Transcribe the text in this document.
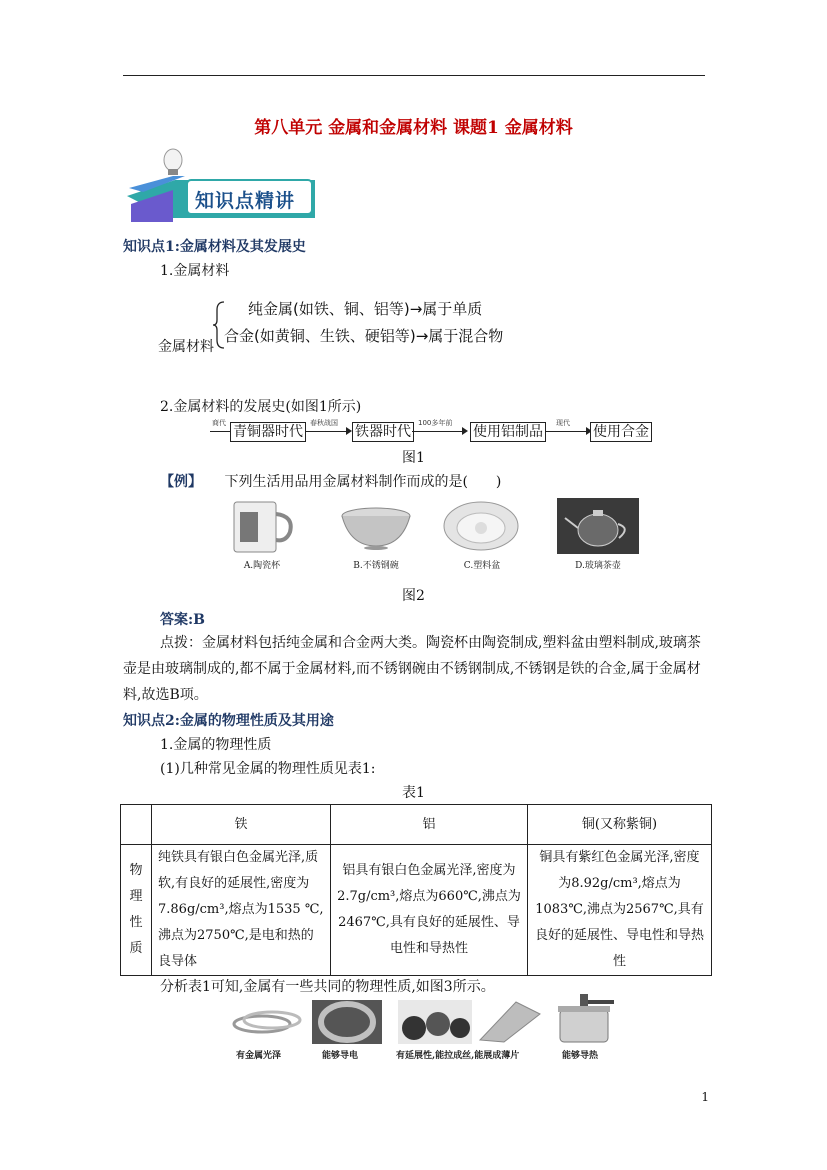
第八单元 金属和金属材料 课题1 金属材料
知识点精讲
知识点1:金属材料及其发展史
1.金属材料
金属材料
纯金属(如铁、铜、铝等)→属于单质
合金(如黄铜、生铁、硬铝等)→属于混合物
2.金属材料的发展史(如图1所示)
商代
青铜器时代
春秋战国
铁器时代
100多年前
使用铝制品
现代
使用合金
图1
【例】 下列生活用品用金属材料制作而成的是(　　)
A.陶瓷杯	B.不锈钢碗	C.塑料盆	D.玻璃茶壶
图2
答案:B
点拨：金属材料包括纯金属和合金两大类。陶瓷杯由陶瓷制成,塑料盆由塑料制成,玻璃茶壶是由玻璃制成的,都不属于金属材料,而不锈钢碗由不锈钢制成,不锈钢是铁的合金,属于金属材料,故选B项。
知识点2:金属的物理性质及其用途
1.金属的物理性质
(1)几种常见金属的物理性质见表1:
表1
	铁	铝	铜(又称紫铜)
物理性质	纯铁具有银白色金属光泽,质软,有良好的延展性,密度为7.86g/cm³,熔点为1535 ℃,沸点为2750℃,是电和热的良导体	铝具有银白色金属光泽,密度为2.7g/cm³,熔点为660℃,沸点为2467℃,具有良好的延展性、导电性和导热性	铜具有紫红色金属光泽,密度为8.92g/cm³,熔点为1083℃,沸点为2567℃,具有良好的延展性、导电性和导热性
分析表1可知,金属有一些共同的物理性质,如图3所示。
有金属光泽	能够导电	有延展性,能拉成丝,能展成薄片	能够导热
1
